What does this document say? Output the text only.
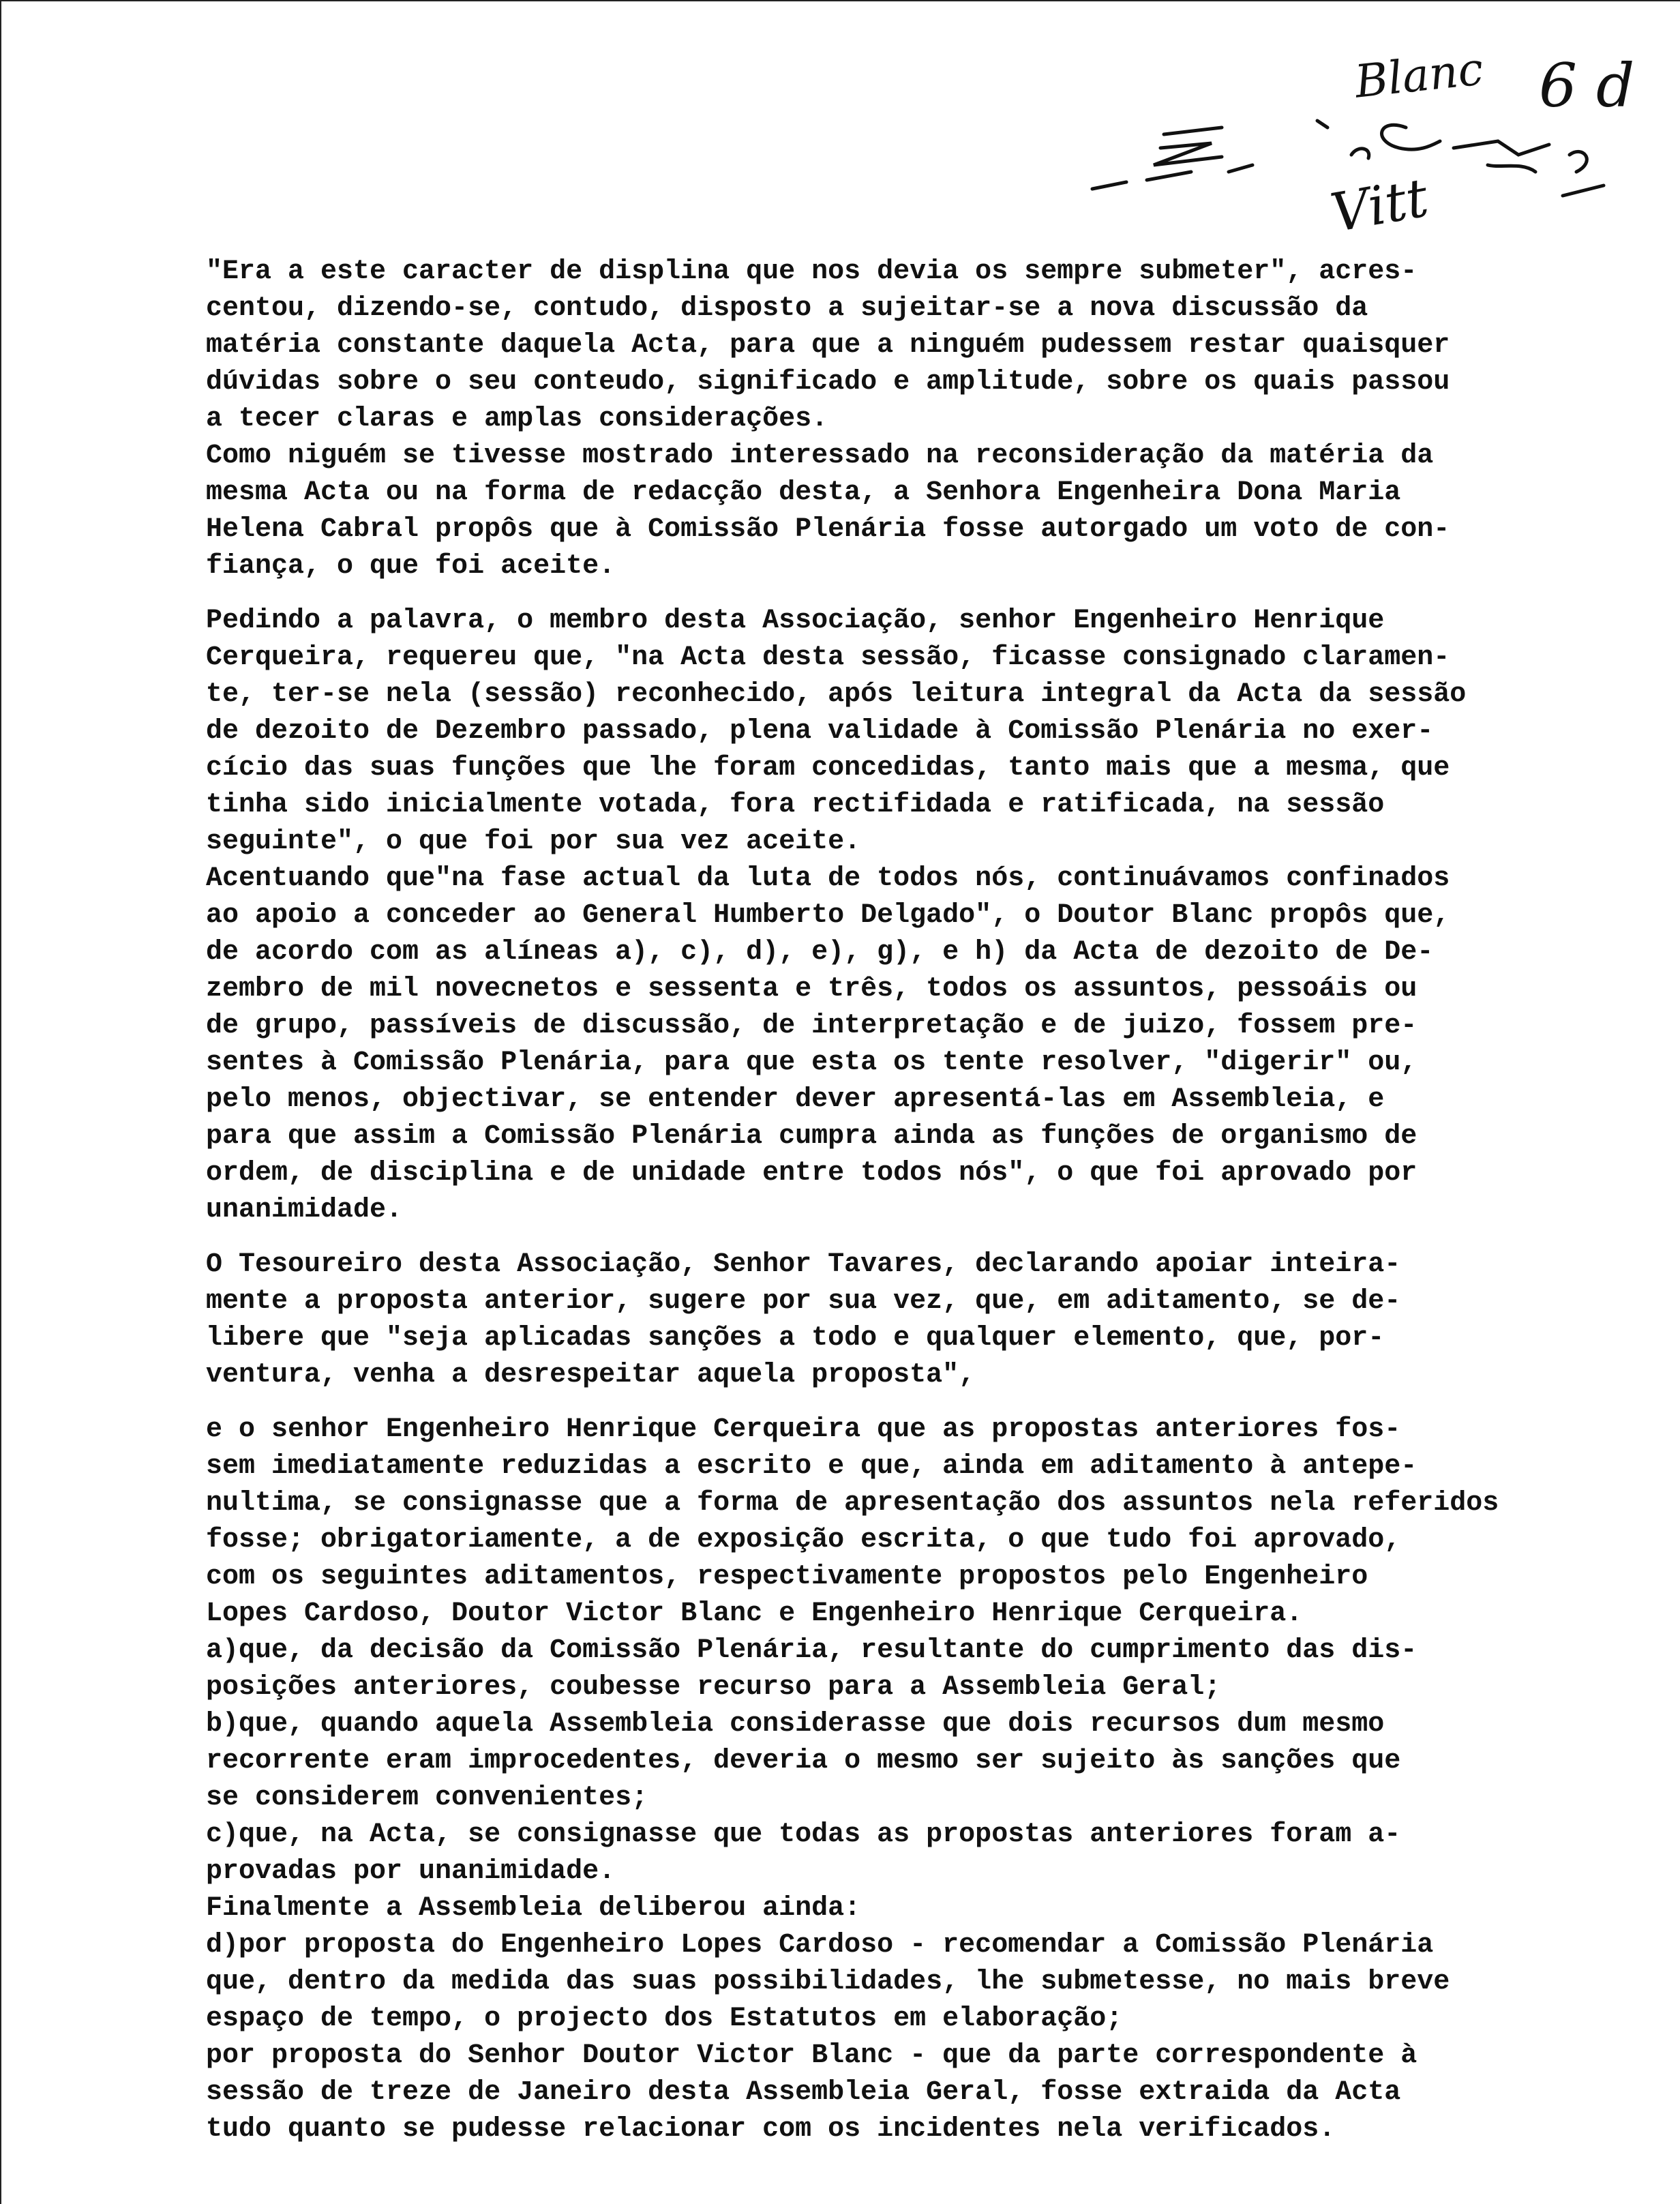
Blanc 6 d
Vitt
"Era a este caracter de displina que nos devia os sempre submeter", acres-
centou, dizendo-se, contudo, disposto a sujeitar-se a nova discussão da
matéria constante daquela Acta, para que a ninguém pudessem restar quaisquer
dúvidas sobre o seu conteudo, significado e amplitude, sobre os quais passou
a tecer claras e amplas considerações.
Como niguém se tivesse mostrado interessado na reconsideração da matéria da
mesma Acta ou na forma de redacção desta, a Senhora Engenheira Dona Maria
Helena Cabral propôs que à Comissão Plenária fosse autorgado um voto de con-
fiança, o que foi aceite.
Pedindo a palavra, o membro desta Associação, senhor Engenheiro Henrique
Cerqueira, requereu que, "na Acta desta sessão, ficasse consignado claramen-
te, ter-se nela (sessão) reconhecido, após leitura integral da Acta da sessão
de dezoito de Dezembro passado, plena validade à Comissão Plenária no exer-
cício das suas funções que lhe foram concedidas, tanto mais que a mesma, que
tinha sido inicialmente votada, fora rectifidada e ratificada, na sessão
seguinte", o que foi por sua vez aceite.
Acentuando que"na fase actual da luta de todos nós, continuávamos confinados
ao apoio a conceder ao General Humberto Delgado", o Doutor Blanc propôs que,
de acordo com as alíneas a), c), d), e), g), e h) da Acta de dezoito de De-
zembro de mil novecnetos e sessenta e três, todos os assuntos, pessoáis ou
de grupo, passíveis de discussão, de interpretação e de juizo, fossem pre-
sentes à Comissão Plenária, para que esta os tente resolver, "digerir" ou,
pelo menos, objectivar, se entender dever apresentá-las em Assembleia, e
para que assim a Comissão Plenária cumpra ainda as funções de organismo de
ordem, de disciplina e de unidade entre todos nós", o que foi aprovado por
unanimidade.
O Tesoureiro desta Associação, Senhor Tavares, declarando apoiar inteira-
mente a proposta anterior, sugere por sua vez, que, em aditamento, se de-
libere que "seja aplicadas sanções a todo e qualquer elemento, que, por-
ventura, venha a desrespeitar aquela proposta",
e o senhor Engenheiro Henrique Cerqueira que as propostas anteriores fos-
sem imediatamente reduzidas a escrito e que, ainda em aditamento à antepe-
nultima, se consignasse que a forma de apresentação dos assuntos nela referidos
fosse; obrigatoriamente, a de exposição escrita, o que tudo foi aprovado,
com os seguintes aditamentos, respectivamente propostos pelo Engenheiro
Lopes Cardoso, Doutor Victor Blanc e Engenheiro Henrique Cerqueira.
a)que, da decisão da Comissão Plenária, resultante do cumprimento das dis-
posições anteriores, coubesse recurso para a Assembleia Geral;
b)que, quando aquela Assembleia considerasse que dois recursos dum mesmo
recorrente eram improcedentes, deveria o mesmo ser sujeito às sanções que
se considerem convenientes;
c)que, na Acta, se consignasse que todas as propostas anteriores foram a-
provadas por unanimidade.
Finalmente a Assembleia deliberou ainda:
d)por proposta do Engenheiro Lopes Cardoso - recomendar a Comissão Plenária
que, dentro da medida das suas possibilidades, lhe submetesse, no mais breve
espaço de tempo, o projecto dos Estatutos em elaboração;
por proposta do Senhor Doutor Victor Blanc - que da parte correspondente à
sessão de treze de Janeiro desta Assembleia Geral, fosse extraida da Acta
tudo quanto se pudesse relacionar com os incidentes nela verificados.
